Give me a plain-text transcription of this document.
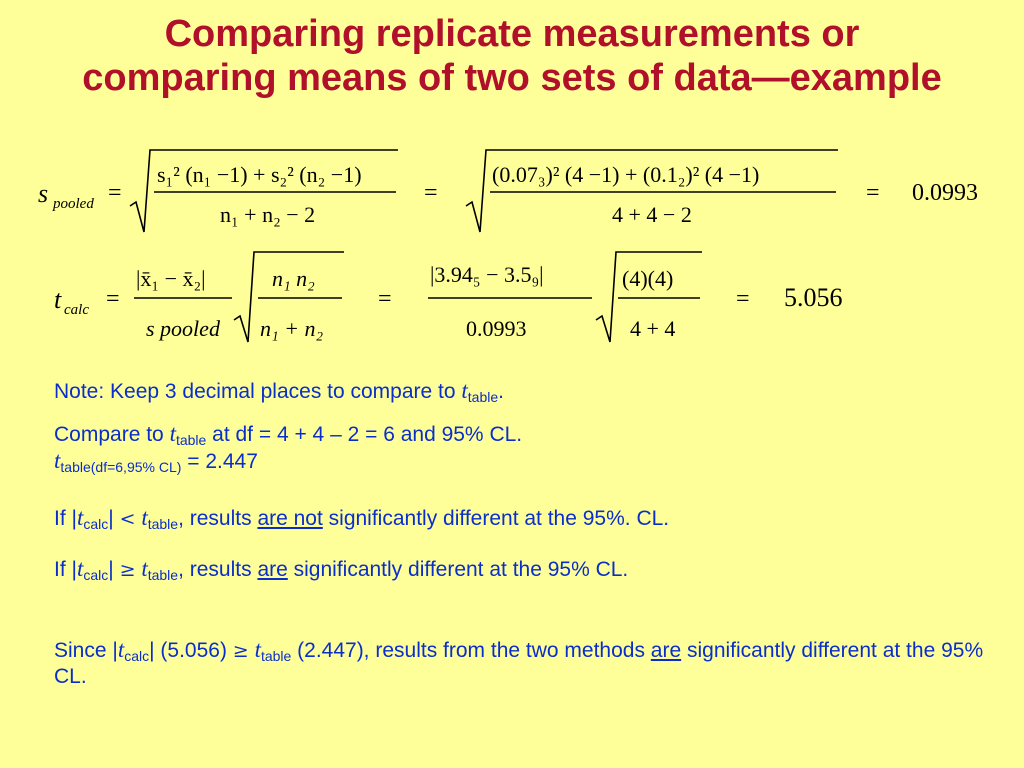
Comparing replicate measurements or
comparing means of two sets of data—example
s pooled =
s₁² (n₁ −1) + s₂² (n₂ −1)
n₁ + n₂ − 2
=
(0.07₃)² (4 −1) + (0.1₂)² (4 −1)
4 + 4 − 2
= 0.0993
t calc =
|x̄₁ − x̄₂|
s pooled
n₁ n₂
n₁ + n₂
=
|3.94₅ − 3.5₉|
0.0993
(4)(4)
4 + 4
= 5.056

Note: Keep 3 decimal places to compare to $t_{table}$.

Compare to $t_{table}$ at df = 4 + 4 – 2 = 6 and 95% CL.

$t_{table(df=6,95\% CL)} = 2.447$

If $|t_{calc}| < t_{table}$, results are not significantly different at the 95%. CL.

If $|t_{calc}| \ge t_{table}$, results are significantly different at the 95% CL.

Since $|t_{calc}|$ $(5.056) \ge t_{table}$ (2.447), results from the two methods are significantly different at the 95% CL.
